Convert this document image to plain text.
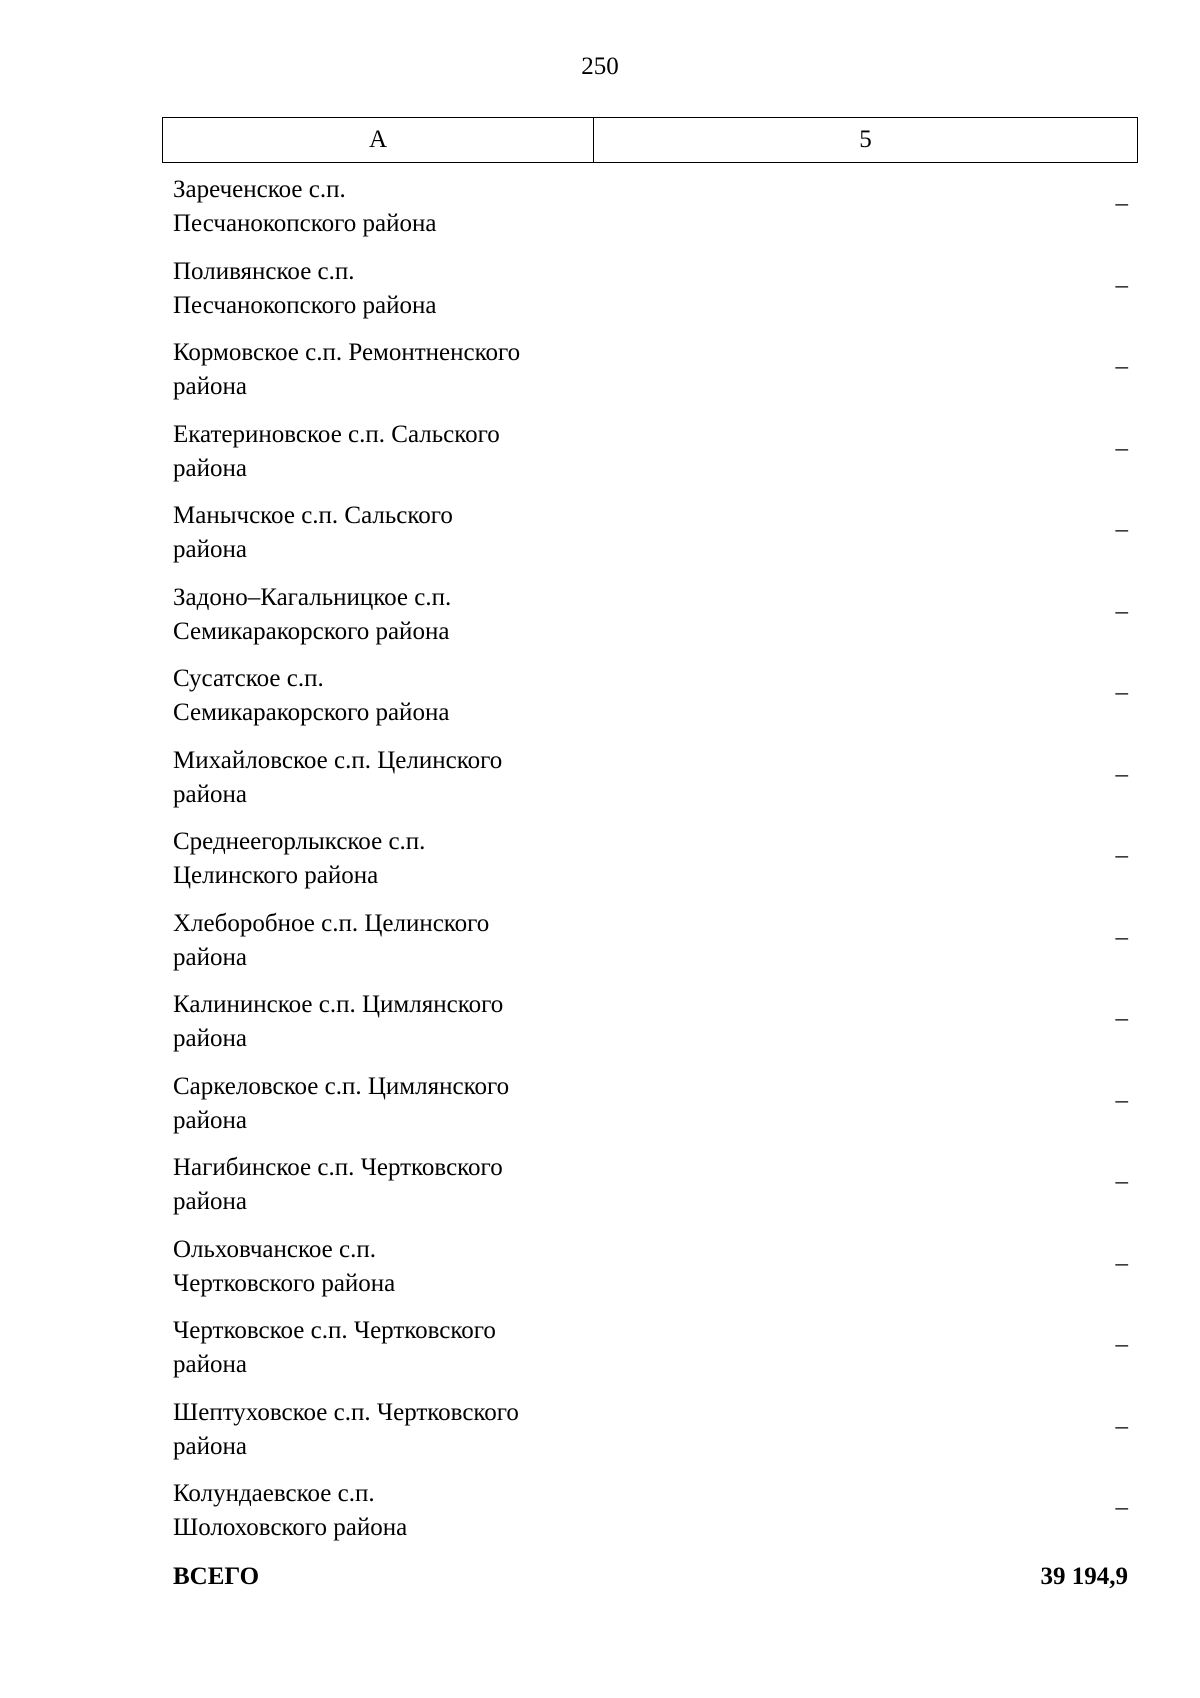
250
А	5
Зареченское с.п.
Песчанокопского района
–
Поливянское с.п.
Песчанокопского района
–
Кормовское с.п. Ремонтненского
района
–
Екатериновское с.п. Сальского
района
–
Манычское с.п. Сальского
района
–
Задоно–Кагальницкое с.п.
Семикаракорского района
–
Сусатское с.п.
Семикаракорского района
–
Михайловское с.п. Целинского
района
–
Среднеегорлыкское с.п.
Целинского района
–
Хлеборобное с.п. Целинского
района
–
Калининское с.п. Цимлянского
района
–
Саркеловское с.п. Цимлянского
района
–
Нагибинское с.п. Чертковского
района
–
Ольховчанское с.п.
Чертковского района
–
Чертковское с.п. Чертковского
района
–
Шептуховское с.п. Чертковского
района
–
Колундаевское с.п.
Шолоховского района
–
ВСЕГО	39 194,9
